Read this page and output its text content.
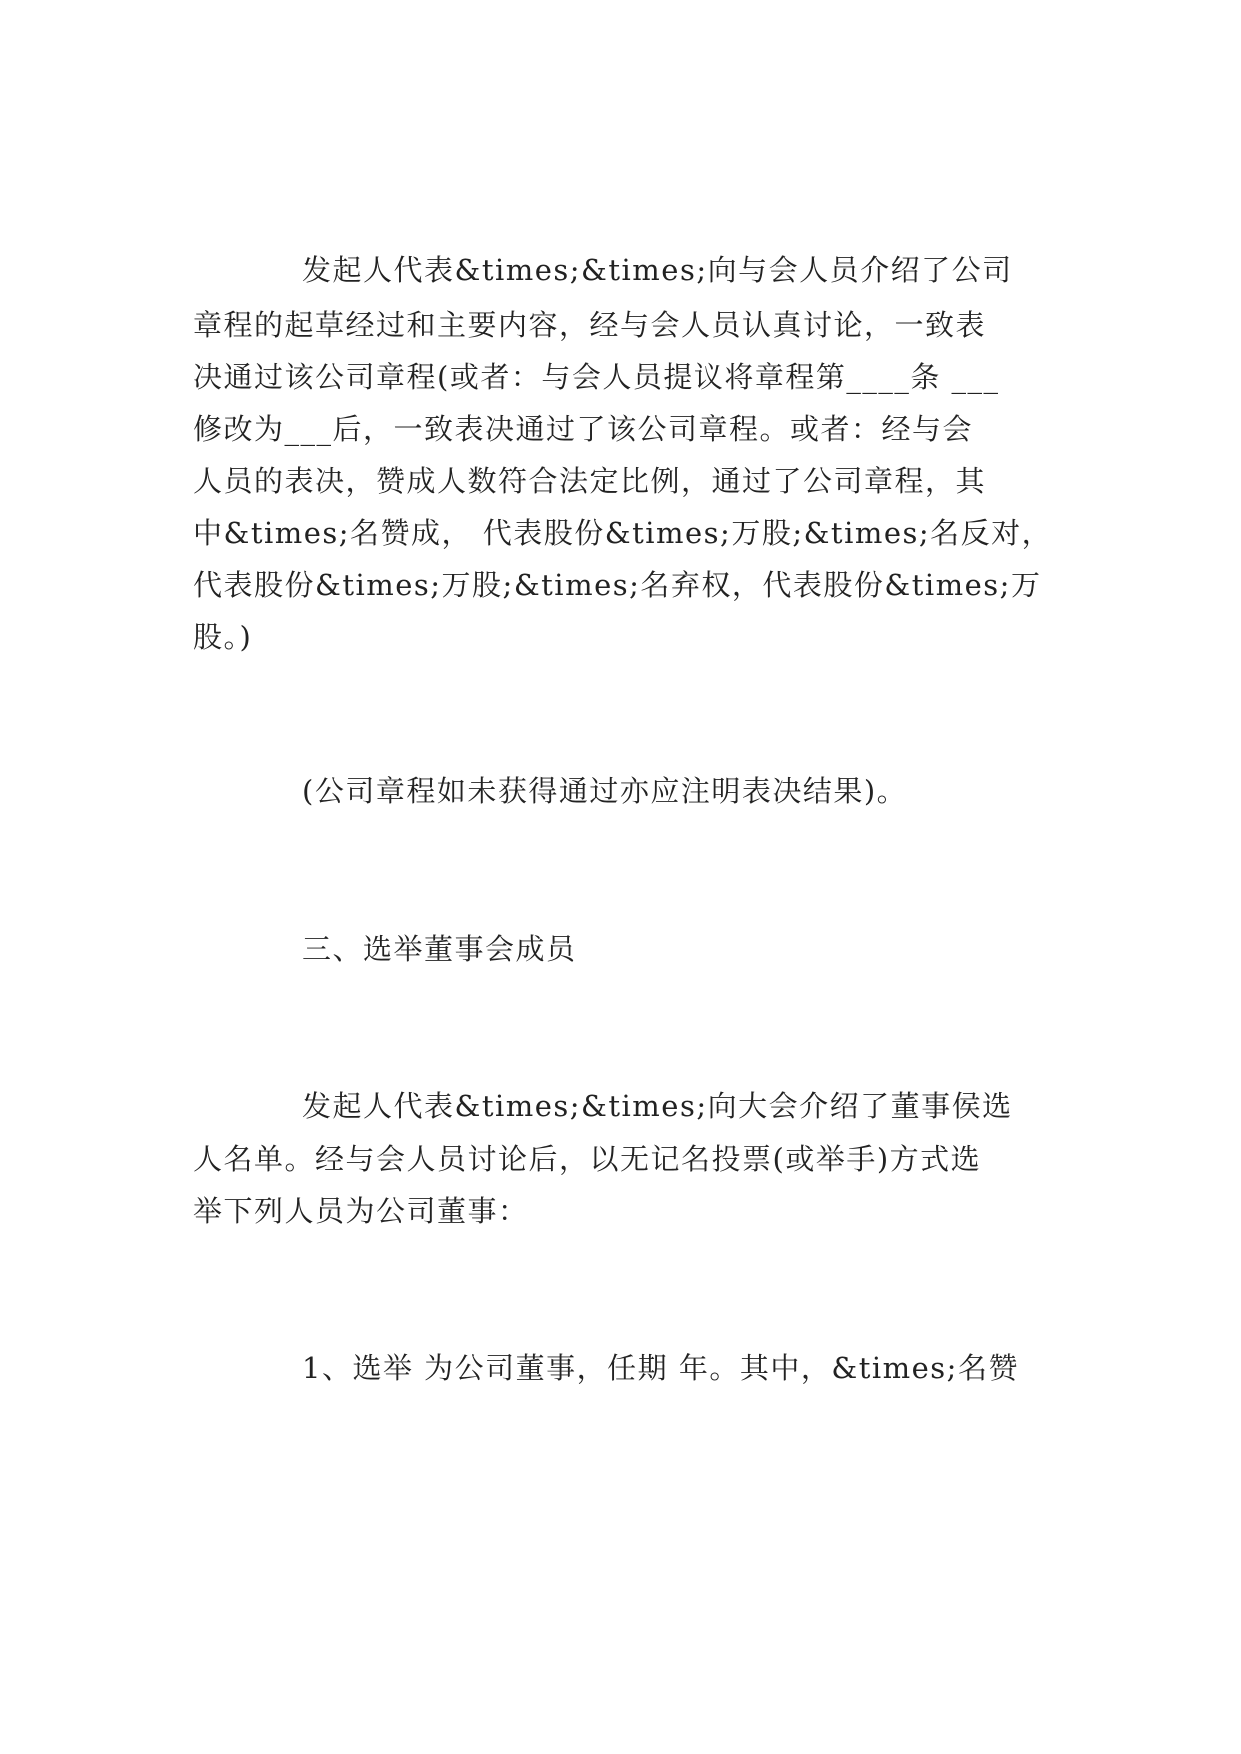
发起人代表&times;&times;向与会人员介绍了公司
章程的起草经过和主要内容，经与会人员认真讨论，一致表
决通过该公司章程(或者：与会人员提议将章程第____条 ___
修改为___后，一致表决通过了该公司章程。或者：经与会
人员的表决，赞成人数符合法定比例，通过了公司章程，其
中&times;名赞成， 代表股份&times;万股;&times;名反对，
代表股份&times;万股;&times;名弃权，代表股份&times;万
股。)
(公司章程如未获得通过亦应注明表决结果)。
三、选举董事会成员
发起人代表&times;&times;向大会介绍了董事侯选
人名单。经与会人员讨论后，以无记名投票(或举手)方式选
举下列人员为公司董事：
1、选举 为公司董事，任期 年。其中，&times;名赞
